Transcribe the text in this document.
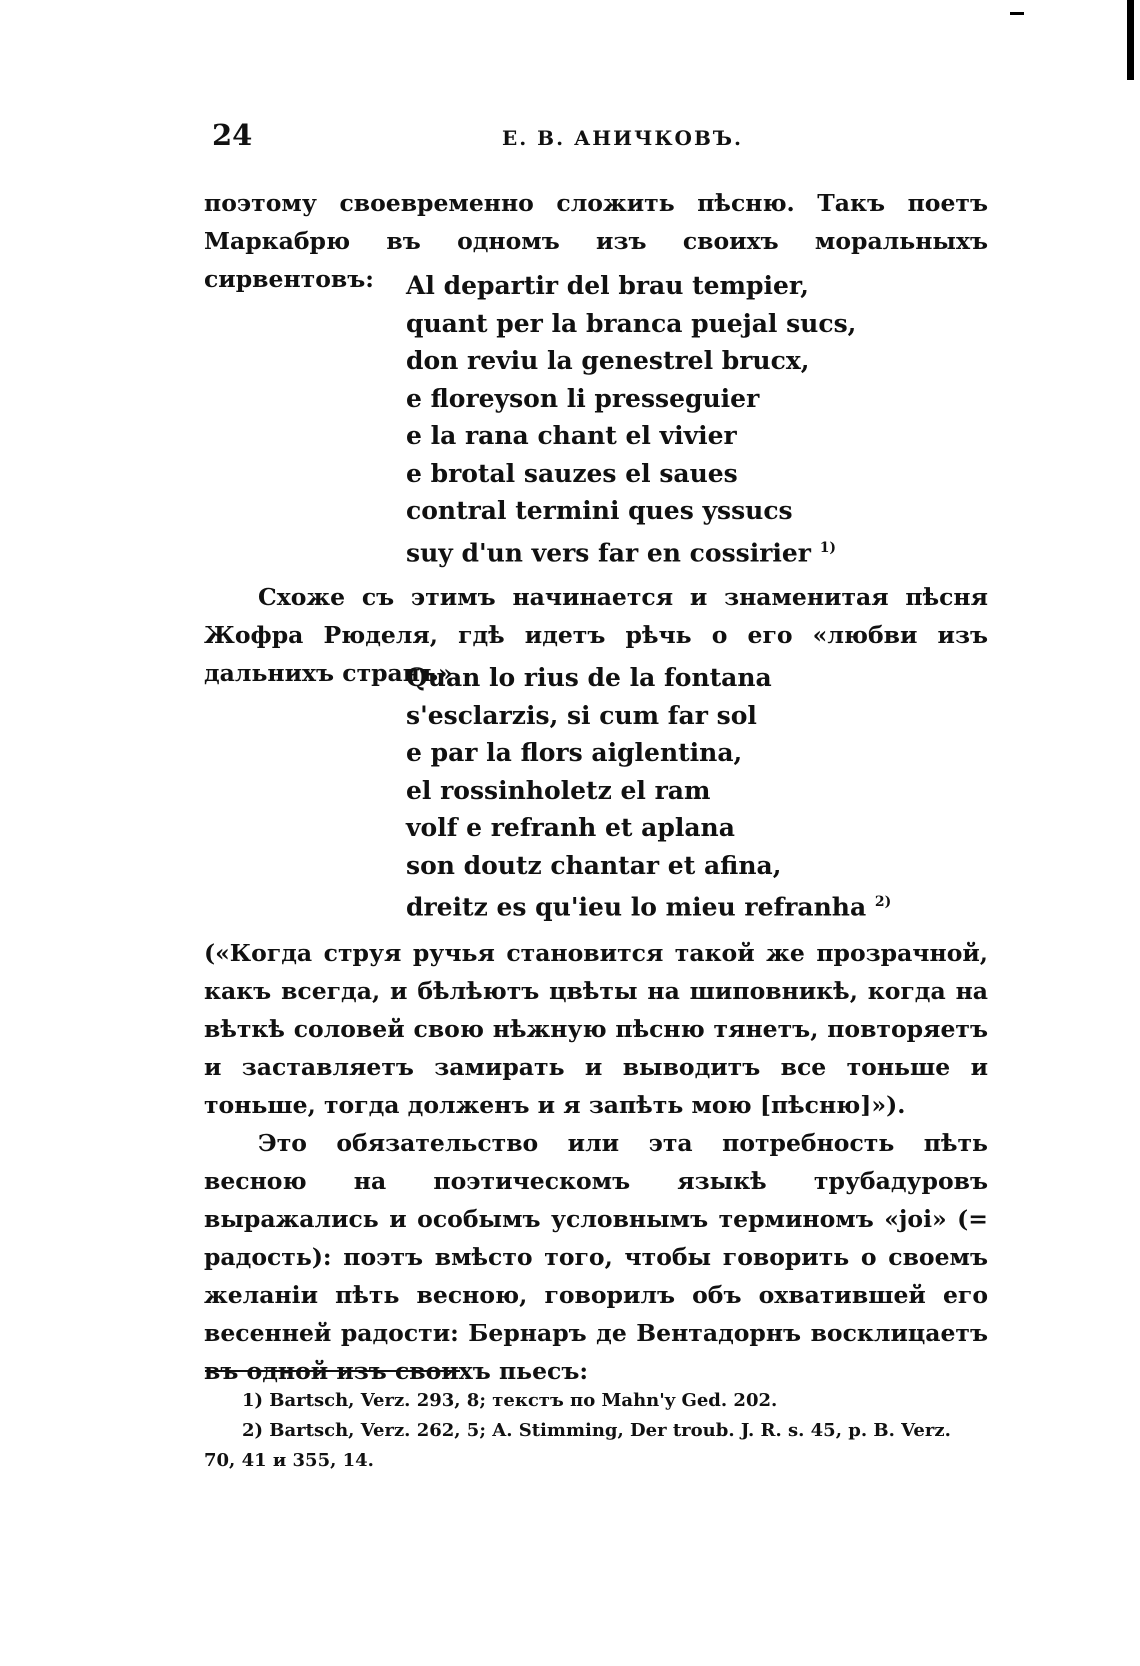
24	Е. В. АНИЧКОВЪ.

поэтому своевременно сложить пѣсню. Такъ поетъ Маркабрю въ одномъ изъ своихъ моральныхъ сирвентовъ:	Al departir del brau tempier,
quant per la branca puejal sucs,
don reviu la genestrel brucx,
e floreyson li presseguier
e la rana chant el vivier
e brotal sauzes el saues
contral termini ques yssucs
suy d'un vers far en cossirier $^{1)}$

Схоже съ этимъ начинается и знаменитая пѣсня Жофра Рюделя, гдѣ идетъ рѣчь о его «любви изъ дальнихъ странъ».

Quan lo rius de la fontana
s'esclarzis, si cum far sol
e par la flors aiglentina,
el rossinholetz el ram
volf e refranh et aplana
son doutz chantar et afina,
dreitz es qu'ieu lo mieu refranha $^{2)}$

(«Когда струя ручья становится такой же прозрачной, какъ всегда, и бѣлѣютъ цвѣты на шиповникѣ, когда на вѣткѣ соловей свою нѣжную пѣсню тянетъ, повторяетъ и заставляетъ замирать и выводитъ все тоньше и тоньше, тогда долженъ и я запѣть мою [пѣсню]»).

Это обязательство или эта потребность пѣть весною на поэтическомъ языкѣ трубадуровъ выражались и особымъ условнымъ терминомъ «joi» (= радость): поэтъ вмѣсто того, чтобы говорить о своемъ желаніи пѣть весною, говорилъ объ охватившей его весенней радости: Бернаръ де Вентадорнъ восклицаетъ въ одной изъ своихъ пьесъ:

1) Bartsch, Verz. 293, 8; текстъ по Mahn'y Ged. 202.

2) Bartsch, Verz. 262, 5; A. Stimming, Der troub. J. R. s. 45, p. B. Verz. 70, 41 и 355, 14.
